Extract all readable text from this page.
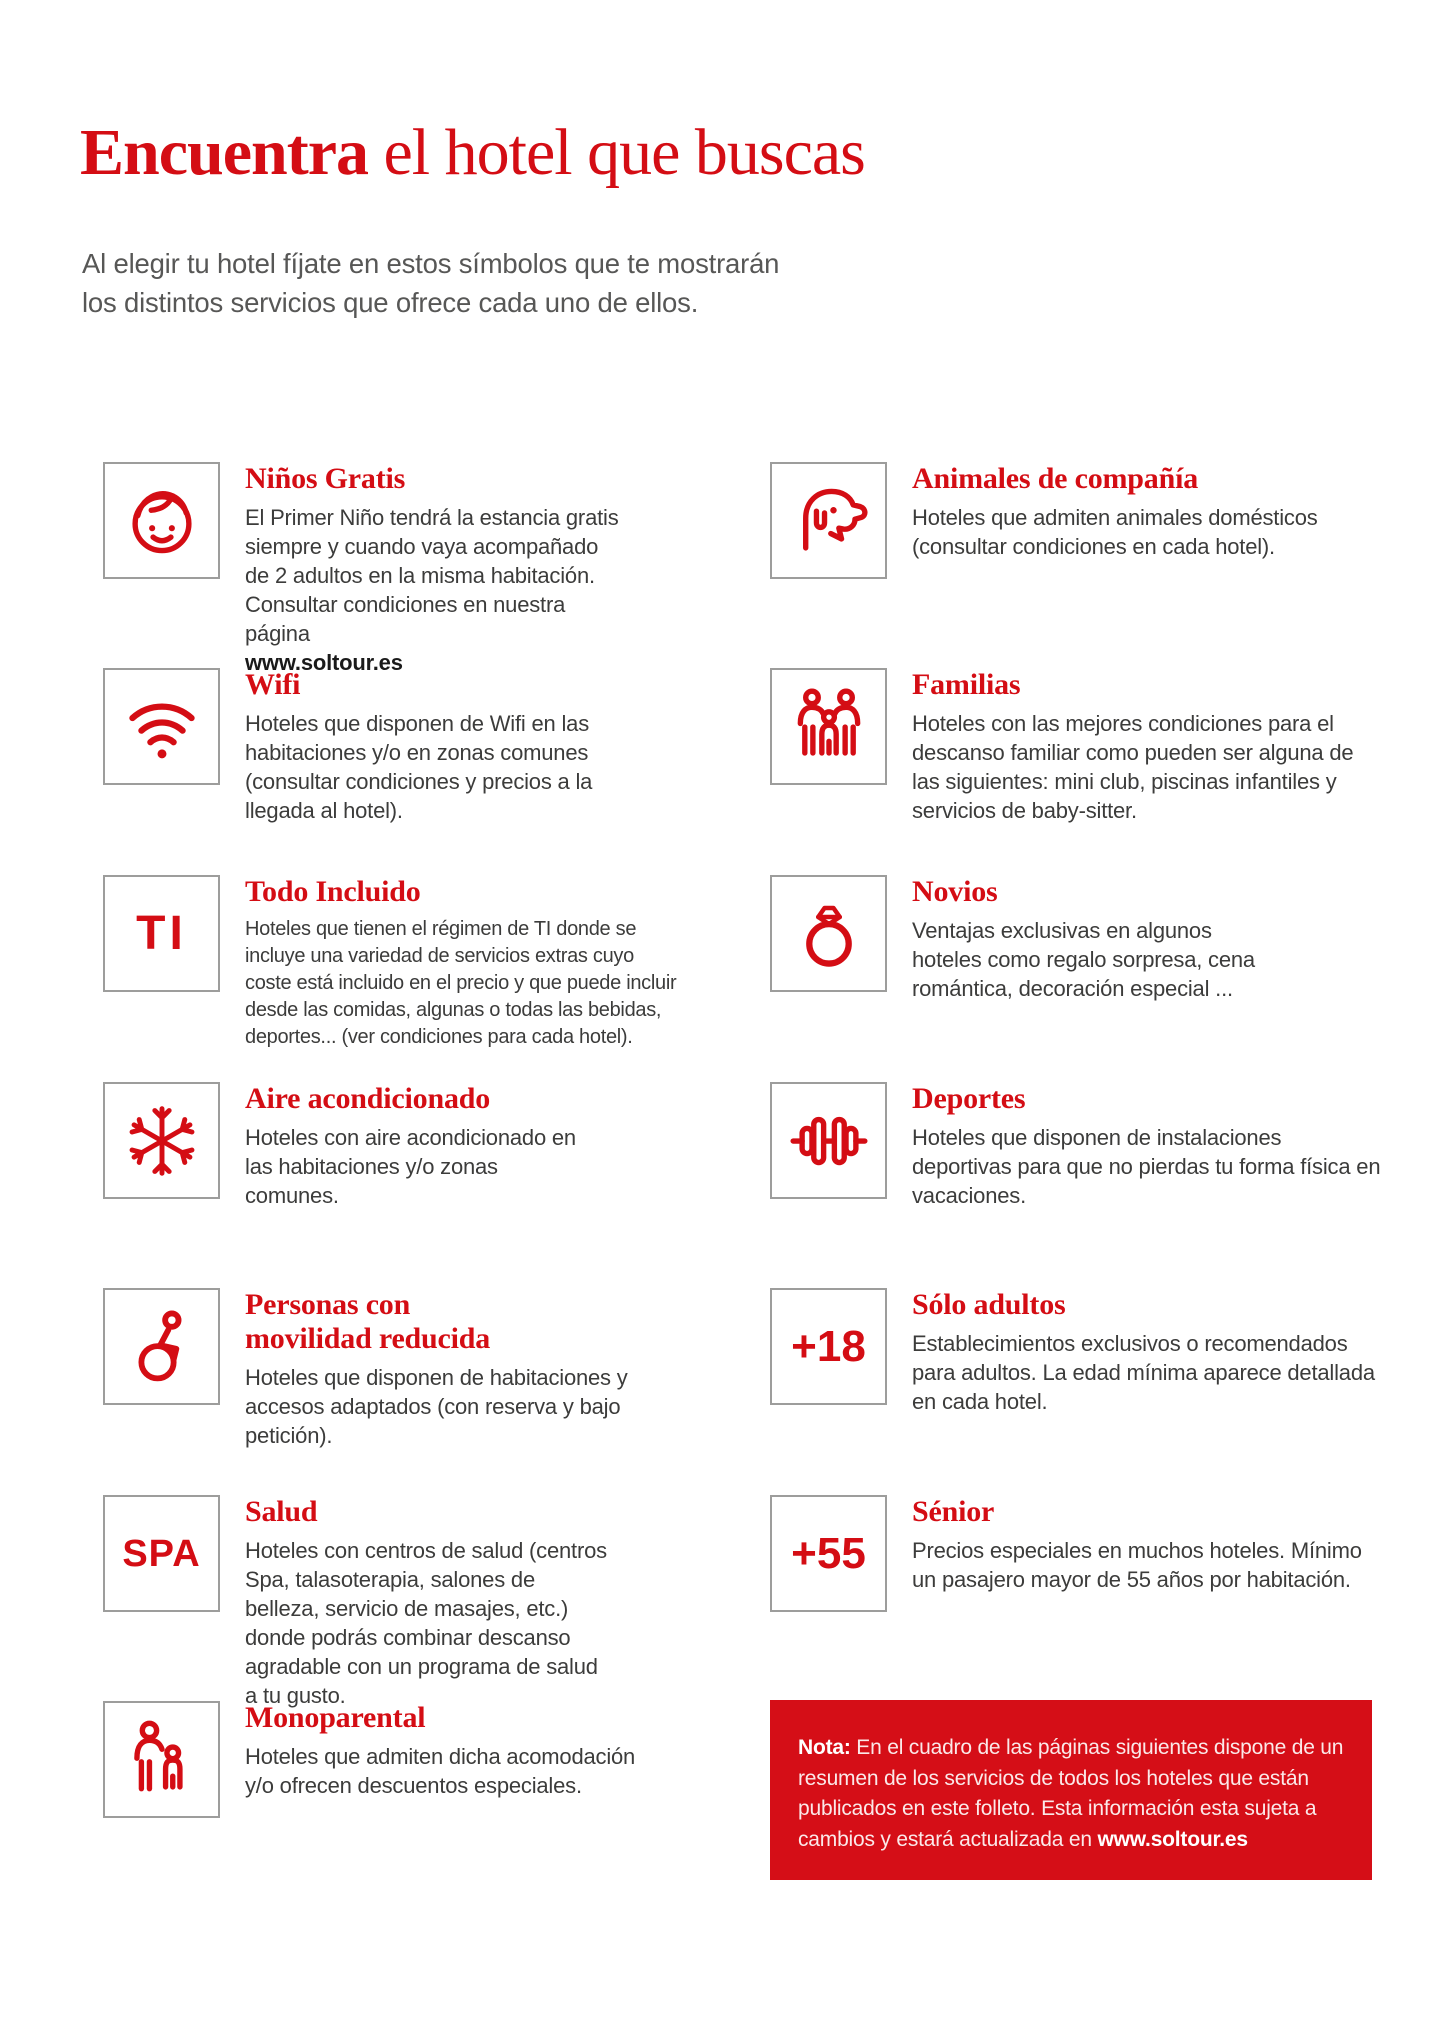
Encuentra el hotel que buscas

Al elegir tu hotel fíjate en estos símbolos que te mostrarán los distintos servicios que ofrece cada uno de ellos.

Niños Gratis

El Primer Niño tendrá la estancia gratis siempre y cuando vaya acompañado de 2 adultos en la misma habitación. Consultar condiciones en nuestra página
www.soltour.es

Animales de compañía

Hoteles que admiten animales domésticos (consultar condiciones en cada hotel).

Wifi

Hoteles que disponen de Wifi en las habitaciones y/o en zonas comunes (consultar condiciones y precios a la llegada al hotel).

Familias

Hoteles con las mejores condiciones para el descanso familiar como pueden ser alguna de las siguientes: mini club, piscinas infantiles y servicios de baby-sitter.

TI
Todo Incluido

Hoteles que tienen el régimen de TI donde se incluye una variedad de servicios extras cuyo coste está incluido en el precio y que puede incluir desde las comidas, algunas o todas las bebidas, deportes... (ver condiciones para cada hotel).

Novios

Ventajas exclusivas en algunos hoteles como regalo sorpresa, cena romántica, decoración especial ...

Aire acondicionado

Hoteles con aire acondicionado en las habitaciones y/o zonas comunes.

Deportes

Hoteles que disponen de instalaciones deportivas para que no pierdas tu forma física en vacaciones.

Personas con movilidad reducida

Hoteles que disponen de habitaciones y accesos adaptados (con reserva y bajo petición).

+18
Sólo adultos

Establecimientos exclusivos o recomendados para adultos. La edad mínima aparece detallada en cada hotel.

SPA
Salud

Hoteles con centros de salud (centros Spa, talasoterapia, salones de belleza, servicio de masajes, etc.) donde podrás combinar descanso agradable con un programa de salud a tu gusto.

+55
Sénior

Precios especiales en muchos hoteles. Mínimo un pasajero mayor de 55 años por habitación.

Monoparental

Hoteles que admiten dicha acomodación y/o ofrecen descuentos especiales.

Nota: En el cuadro de las páginas siguientes dispone de un resumen de los servicios de todos los hoteles que están publicados en este folleto. Esta información esta sujeta a cambios y estará actualizada en www.soltour.es
